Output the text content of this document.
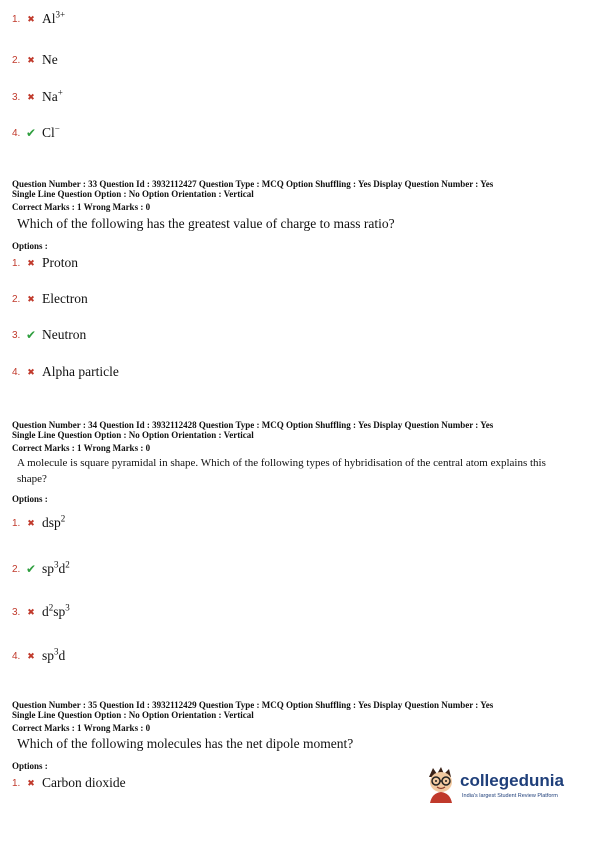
1. ✖ $Al^{3+}$
2. ✖ Ne
3. ✖ Na+
4. ✔ Cl−
Question Number : 33 Question Id : 3932112427 Question Type : MCQ Option Shuffling : Yes Display Question Number : Yes
Single Line Question Option : No Option Orientation : Vertical
Correct Marks : 1 Wrong Marks : 0
Which of the following has the greatest value of charge to mass ratio?
Options :
1. ✖ Proton
2. ✖ Electron
3. ✔ Neutron
4. ✖ Alpha particle
Question Number : 34 Question Id : 3932112428 Question Type : MCQ Option Shuffling : Yes Display Question Number : Yes
Single Line Question Option : No Option Orientation : Vertical
Correct Marks : 1 Wrong Marks : 0
A molecule is square pyramidal in shape. Which of the following types of hybridisation of the central atom explains this
shape?
Options :
1. ✖ dsp$^2$
2. ✔ $sp^3d^2$
3. ✖ $d^2sp^3$
4. ✖ $sp^3d$
Question Number : 35 Question Id : 3932112429 Question Type : MCQ Option Shuffling : Yes Display Question Number : Yes
Single Line Question Option : No Option Orientation : Vertical
Correct Marks : 1 Wrong Marks : 0
Which of the following molecules has the net dipole moment?
Options :
1. ✖ Carbon dioxide	collegedunia
India's largest Student Review Platform
